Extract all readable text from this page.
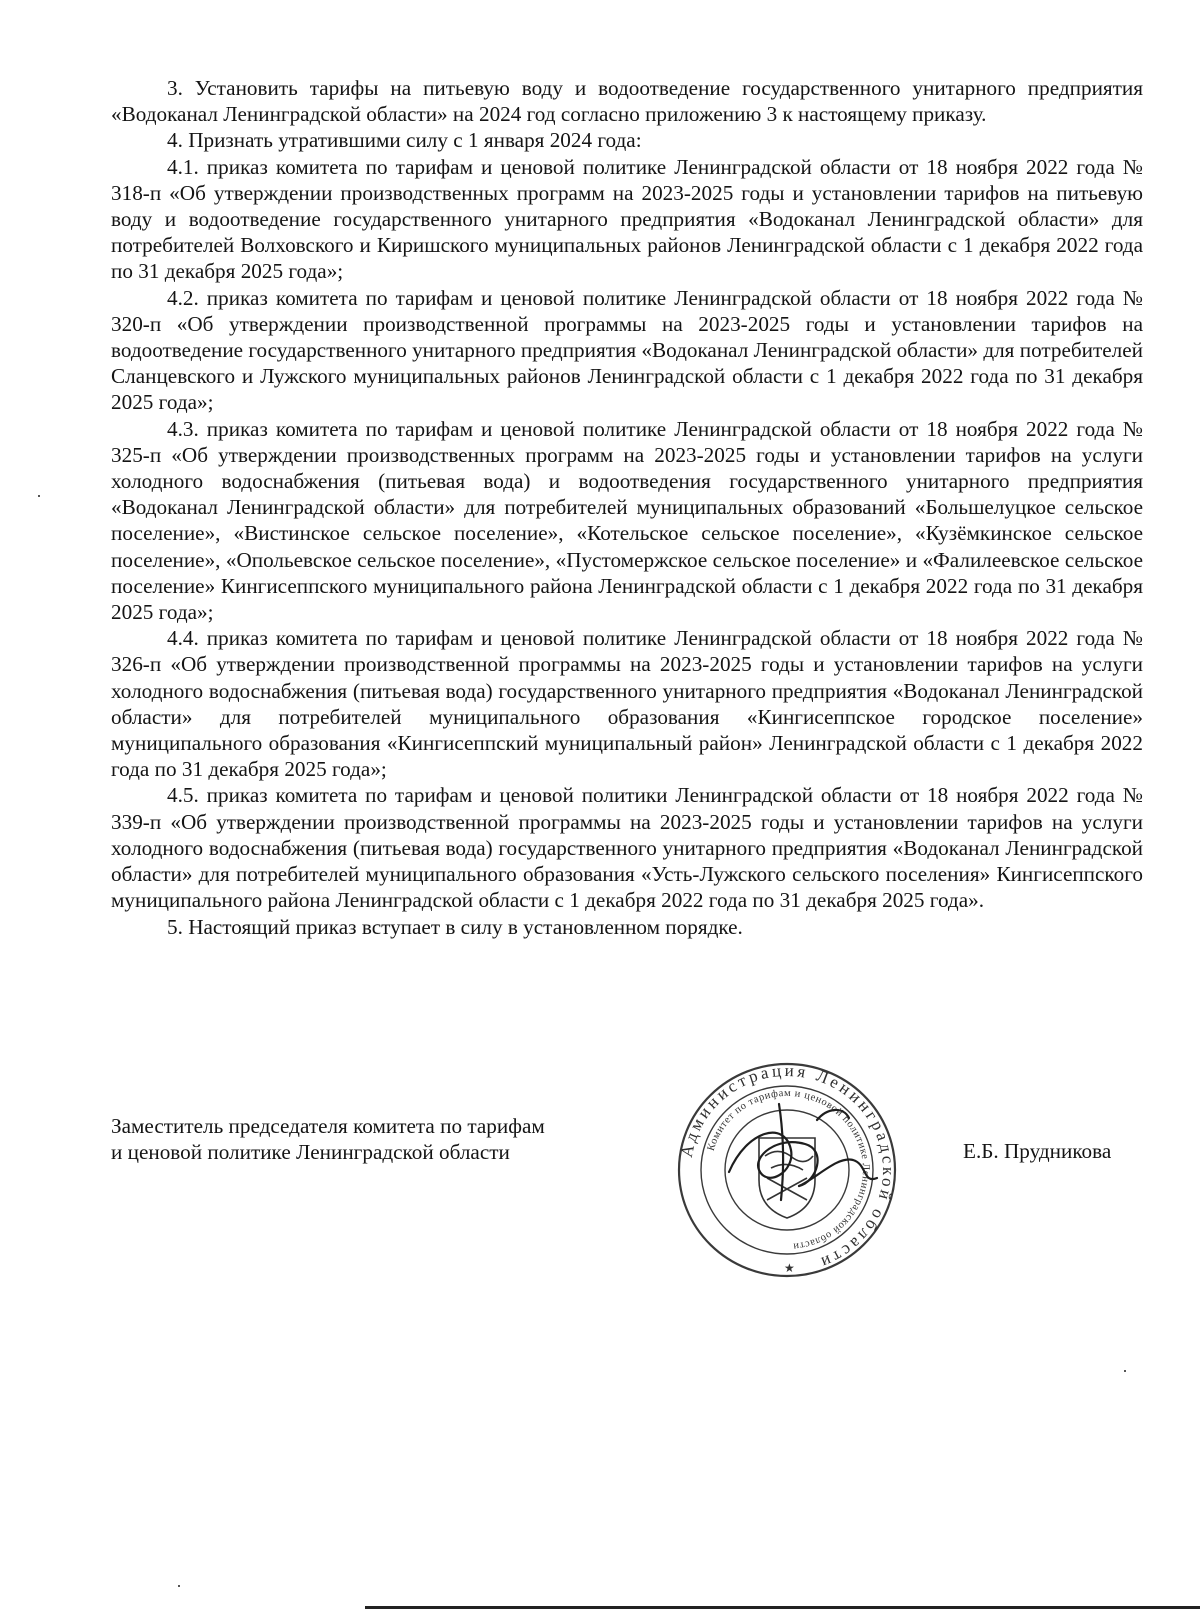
3. Установить тарифы на питьевую воду и водоотведение государственного унитарного предприятия «Водоканал Ленинградской области» на 2024 год согласно приложению 3 к настоящему приказу.

4. Признать утратившими силу с 1 января 2024 года:

4.1. приказ комитета по тарифам и ценовой политике Ленинградской области от 18 ноября 2022 года № 318-п «Об утверждении производственных программ на 2023-2025 годы и установлении тарифов на питьевую воду и водоотведение государственного унитарного предприятия «Водоканал Ленинградской области» для потребителей Волховского и Киришского муниципальных районов Ленинградской области с 1 декабря 2022 года по 31 декабря 2025 года»;

4.2. приказ комитета по тарифам и ценовой политике Ленинградской области от 18 ноября 2022 года № 320-п «Об утверждении производственной программы на 2023-2025 годы и установлении тарифов на водоотведение государственного унитарного предприятия «Водоканал Ленинградской области» для потребителей Сланцевского и Лужского муниципальных районов Ленинградской области с 1 декабря 2022 года по 31 декабря 2025 года»;

4.3. приказ комитета по тарифам и ценовой политике Ленинградской области от 18 ноября 2022 года № 325-п «Об утверждении производственных программ на 2023-2025 годы и установлении тарифов на услуги холодного водоснабжения (питьевая вода) и водоотведения государственного унитарного предприятия «Водоканал Ленинградской области» для потребителей муниципальных образований «Большелуцкое сельское поселение», «Вистинское сельское поселение», «Котельское сельское поселение», «Кузёмкинское сельское поселение», «Опольевское сельское поселение», «Пустомержское сельское поселение» и «Фалилеевское сельское поселение» Кингисеппского муниципального района Ленинградской области с 1 декабря 2022 года по 31 декабря 2025 года»;

4.4. приказ комитета по тарифам и ценовой политике Ленинградской области от 18 ноября 2022 года № 326-п «Об утверждении производственной программы на 2023-2025 годы и установлении тарифов на услуги холодного водоснабжения (питьевая вода) государственного унитарного предприятия «Водоканал Ленинградской области» для потребителей муниципального образования «Кингисеппское городское поселение» муниципального образования «Кингисеппский муниципальный район» Ленинградской области с 1 декабря 2022 года по 31 декабря 2025 года»;

4.5. приказ комитета по тарифам и ценовой политики Ленинградской области от 18 ноября 2022 года № 339-п «Об утверждении производственной программы на 2023-2025 годы и установлении тарифов на услуги холодного водоснабжения (питьевая вода) государственного унитарного предприятия «Водоканал Ленинградской области» для потребителей муниципального образования «Усть-Лужского сельского поселения» Кингисеппского муниципального района Ленинградской области с 1 декабря 2022 года по 31 декабря 2025 года».

5. Настоящий приказ вступает в силу в установленном порядке.

Заместитель председателя комитета по тарифам
и ценовой политике Ленинградской области	Администрация Ленинградской области
Комитет по тарифам и ценовой политике Ленинградской области
★
Е.Б. Прудникова
